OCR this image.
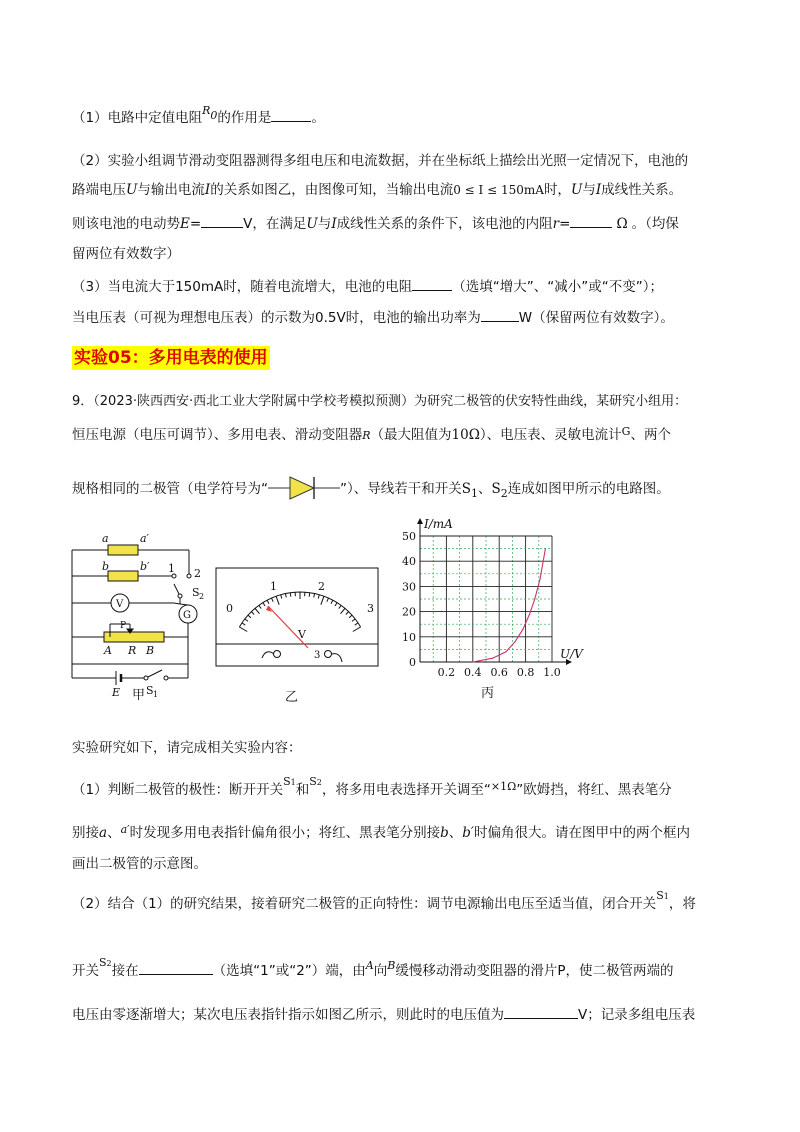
（1）电路中定值电阻$^{R0}$的作用是	。
（2）实验小组调节滑动变阻器测得多组电压和电流数据，并在坐标纸上描绘出光照一定情况下，电池的
路端电压U与输出电流I的关系如图乙，由图像可知，当输出电流0 ≤ I ≤ 150mA时，U与I成线性关系。
则该电池的电动势E=	V，在满足U与I成线性关系的条件下，该电池的内阻r=	Ω 。（均保
留两位有效数字）
（3）当电流大于150mA时，随着电流增大，电池的电阻	（选填“增大”、“减小”或“不变”）；
当电压表（可视为理想电压表）的示数为0.5V时，电池的输出功率为	W（保留两位有效数字）。
实验05：多用电表的使用
9．（2023·陕西西安·西北工业大学附属中学校考模拟预测）为研究二极管的伏安特性曲线，某研究小组用：
恒压电源（电压可调节）、多用电表、滑动变阻器R（最大阻值为10Ω）、电压表、灵敏电流计$^G$、两个
规格相同的二极管（电学符号为“	”）、导线若干和开关$S_1$、$S_2$连成如图甲所示的电路图。
a	a′
b	b′ 1 2
S 2
V
G
P
A R B
E S 1
甲
0
1	2
3
V
3
乙
0
10
20
30
40
50
0.2 0.4 0.6 0.8 1.0
I/mA
U/V
丙
实验研究如下，请完成相关实验内容：
（1）判断二极管的极性：断开开关$^{S1}$和$^{S2}$，将多用电表选择开关调至“$^{\times 1\Omega}$”欧姆挡，将红、黑表笔分
别接a、$^{a'}$时发现多用电表指针偏角很小；将红、黑表笔分别接b、b′时偏角很大。请在图甲中的两个框内
画出二极管的示意图。
（2）结合（1）的研究结果，接着研究二极管的正向特性：调节电源输出电压至适当值，闭合开关$^{S1}$，将
开关$^{S2}$接在	（选填“1”或“2”）端，由$^A$向$^B$缓慢移动滑动变阻器的滑片P，使二极管两端的
电压由零逐渐增大；某次电压表指针指示如图乙所示，则此时的电压值为	V；记录多组电压表
